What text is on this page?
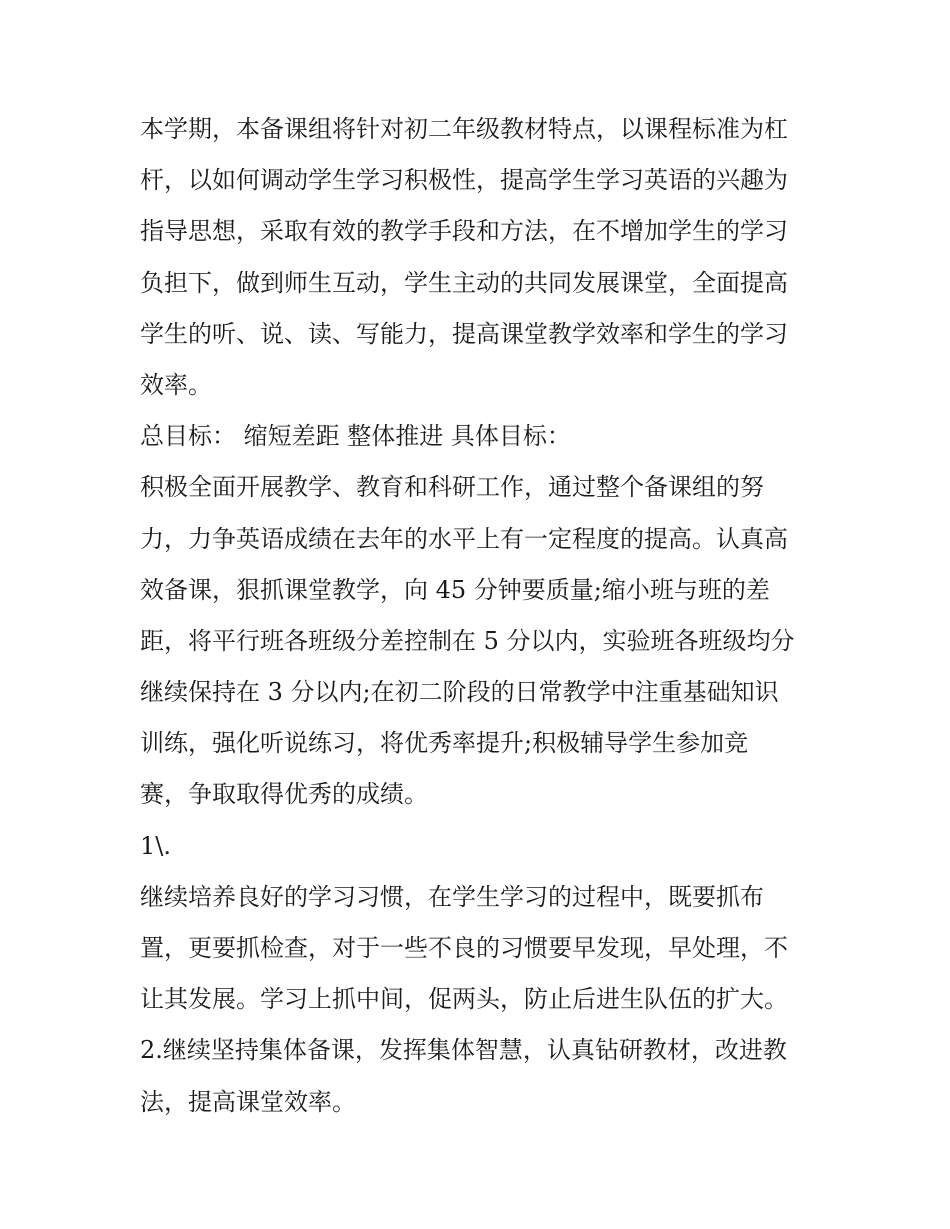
本学期，本备课组将针对初二年级教材特点，以课程标准为杠
杆，以如何调动学生学习积极性，提高学生学习英语的兴趣为
指导思想，采取有效的教学手段和方法，在不增加学生的学习
负担下，做到师生互动，学生主动的共同发展课堂，全面提高
学生的听、说、读、写能力，提高课堂教学效率和学生的学习
效率。
总目标： 缩短差距 整体推进 具体目标：
积极全面开展教学、教育和科研工作，通过整个备课组的努
力，力争英语成绩在去年的水平上有一定程度的提高。认真高
效备课，狠抓课堂教学，向 45 分钟要质量;缩小班与班的差
距，将平行班各班级分差控制在 5 分以内，实验班各班级均分
继续保持在 3 分以内;在初二阶段的日常教学中注重基础知识
训练，强化听说练习，将优秀率提升;积极辅导学生参加竞
赛，争取取得优秀的成绩。
1\.
继续培养良好的学习习惯，在学生学习的过程中，既要抓布
置，更要抓检查，对于一些不良的习惯要早发现，早处理，不
让其发展。学习上抓中间，促两头，防止后进生队伍的扩大。
2.继续坚持集体备课，发挥集体智慧，认真钻研教材，改进教
法，提高课堂效率。
